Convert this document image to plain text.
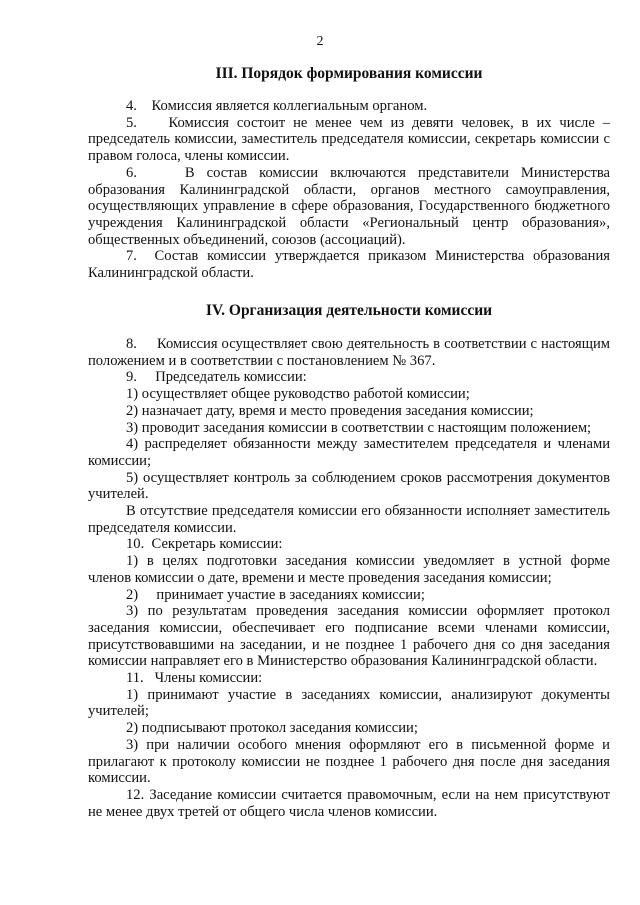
2
III. Порядок формирования комиссии

4.    Комиссия является коллегиальным органом.

5.    Комиссия состоит не менее чем из девяти человек, в их числе – председатель комиссии, заместитель председателя комиссии, секретарь комиссии с правом голоса, члены комиссии.

6.    В состав комиссии включаются представители Министерства образования Калининградской области, органов местного самоуправления, осуществляющих управление в сфере образования, Государственного бюджетного учреждения Калининградской области «Региональный центр образования», общественных объединений, союзов (ассоциаций).

7.  Состав комиссии утверждается приказом Министерства образования Калининградской области.

IV. Организация деятельности комиссии

8.     Комиссия осуществляет свою деятельность в соответствии с настоящим положением и в соответствии с постановлением № 367.

9.     Председатель комиссии:

1) осуществляет общее руководство работой комиссии;

2) назначает дату, время и место проведения заседания комиссии;

3) проводит заседания комиссии в соответствии с настоящим положением;

4) распределяет обязанности между заместителем председателя и членами комиссии;

5) осуществляет контроль за соблюдением сроков рассмотрения документов учителей.

В отсутствие председателя комиссии его обязанности исполняет заместитель председателя комиссии.

10.  Секретарь комиссии:

1) в целях подготовки заседания комиссии уведомляет в устной форме членов комиссии о дате, времени и месте проведения заседания комиссии;

2)     принимает участие в заседаниях комиссии;

3) по результатам проведения заседания комиссии оформляет протокол заседания комиссии, обеспечивает его подписание всеми членами комиссии, присутствовавшими на заседании, и не позднее 1 рабочего дня со дня заседания комиссии направляет его в Министерство образования Калининградской области.

11.   Члены комиссии:

1) принимают участие в заседаниях комиссии, анализируют документы учителей;

2) подписывают протокол заседания комиссии;

3) при наличии особого мнения оформляют его в письменной форме и прилагают к протоколу комиссии не позднее 1 рабочего дня после дня заседания комиссии.

12. Заседание комиссии считается правомочным, если на нем присутствуют не менее двух третей от общего числа членов комиссии.
